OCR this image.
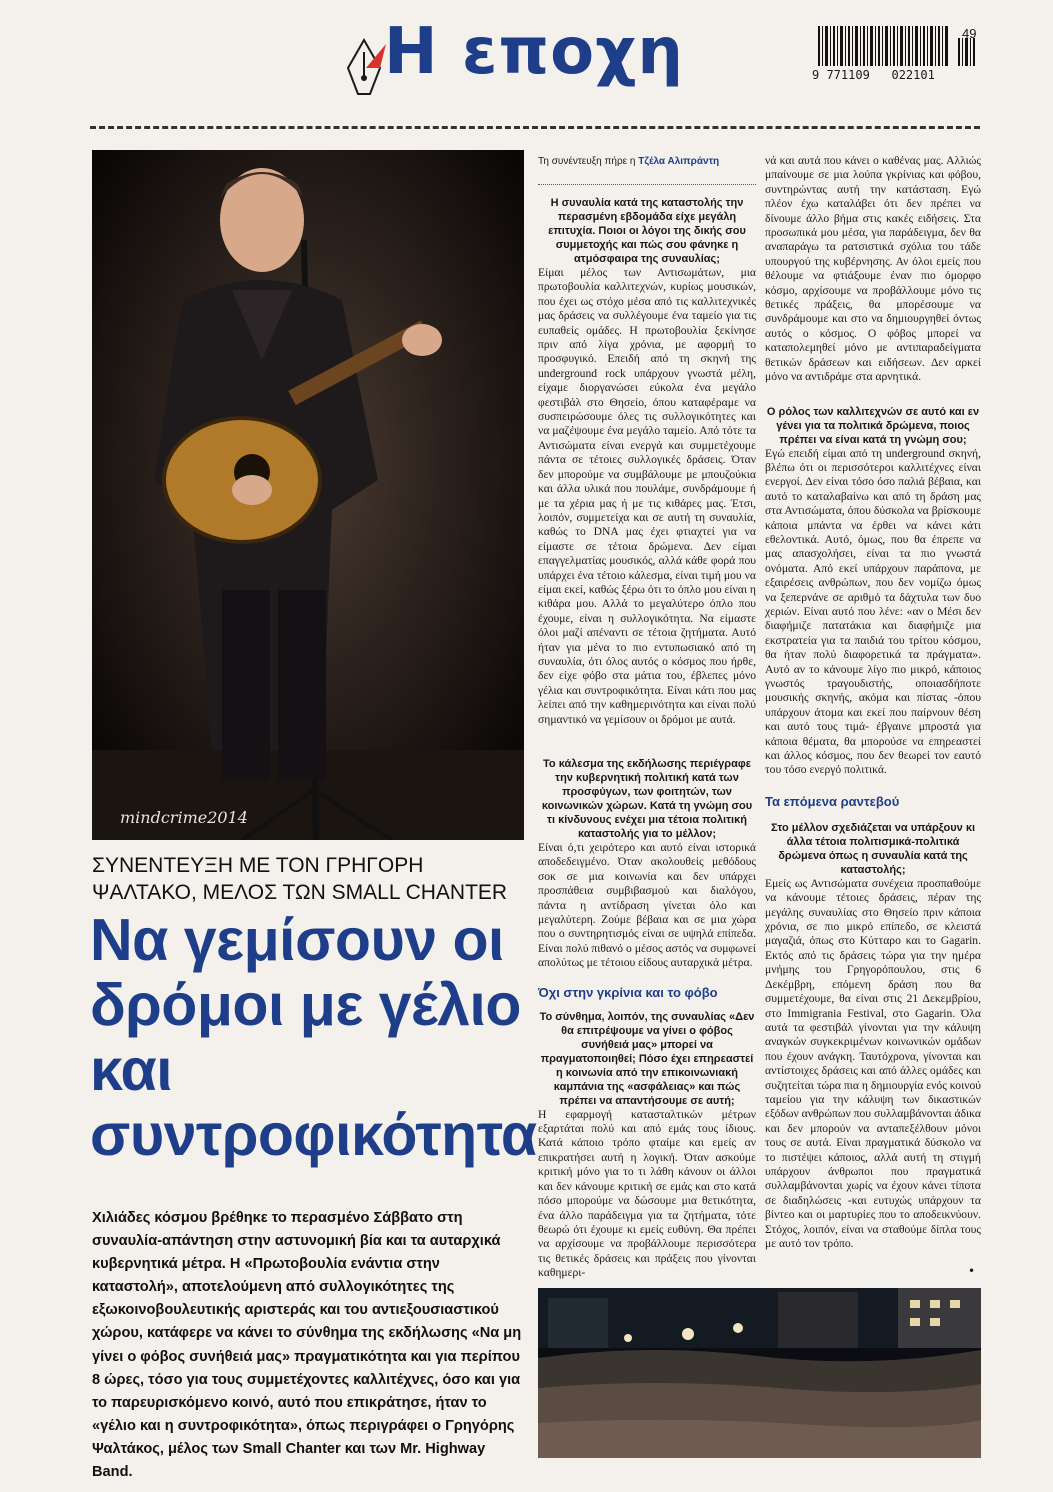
Η εποχη	49
9 771109   022101
mindcrime2014
ΣΥΝΕΝΤΕΥΞΗ ΜΕ ΤΟΝ ΓΡΗΓΟΡΗ ΨΑΛΤΑΚΟ, ΜΕΛΟΣ ΤΩΝ SMALL CHANTER
Να γεμίσουν οι δρόμοι με γέλιο και συντροφικότητα
Χιλιάδες κόσμου βρέθηκε το περασμένο Σάββατο στη συναυλία-απάντηση στην αστυνομική βία και τα αυταρχικά κυβερνητικά μέτρα. Η «Πρωτοβουλία ενάντια στην καταστολή», αποτελούμενη από συλλογικότητες της εξωκοινοβουλευτικής αριστεράς και του αντιεξουσιαστικού χώρου, κατάφερε να κάνει το σύνθημα της εκδήλωσης «Να μη γίνει ο φόβος συνήθειά μας» πραγματικότητα και για περίπου 8 ώρες, τόσο για τους συμμετέχοντες καλλιτέχνες, όσο και για το παρευρισκόμενο κοινό, αυτό που επικράτησε, ήταν το «γέλιο και η συντροφικότητα», όπως περιγράφει ο Γρηγόρης Ψαλτάκος, μέλος των Small Chanter και των Mr. Highway Band.
Τη συνέντευξη πήρε η Τζέλα Αλιπράντη
Η συναυλία κατά της καταστολής την περασμένη εβδομάδα είχε μεγάλη επιτυχία. Ποιοι οι λόγοι της δικής σου συμμετοχής και πώς σου φάνηκε η ατμόσφαιρα της συναυλίας;
Είμαι μέλος των Αντισωμάτων, μια πρωτοβουλία καλλιτεχνών, κυρίως μουσικών, που έχει ως στόχο μέσα από τις καλλιτεχνικές μας δράσεις να συλλέγουμε ένα ταμείο για τις ευπαθείς ομάδες. Η πρωτοβουλία ξεκίνησε πριν από λίγα χρόνια, με αφορμή το προσφυγικό. Επειδή από τη σκηνή της underground rock υπάρχουν γνωστά μέλη, είχαμε διοργανώσει εύκολα ένα μεγάλο φεστιβάλ στο Θησείο, όπου καταφέραμε να συσπειρώσουμε όλες τις συλλογικότητες και να μαζέψουμε ένα μεγάλο ταμείο. Από τότε τα Αντισώματα είναι ενεργά και συμμετέχουμε πάντα σε τέτοιες συλλογικές δράσεις. Όταν δεν μπορούμε να συμβάλουμε με μπουζούκια και άλλα υλικά που πουλάμε, συνδράμουμε ή με τα χέρια μας ή με τις κιθάρες μας. Έτσι, λοιπόν, συμμετείχα και σε αυτή τη συναυλία, καθώς το DNA μας έχει φτιαχτεί για να είμαστε σε τέτοια δρώμενα. Δεν είμαι επαγγελματίας μουσικός, αλλά κάθε φορά που υπάρχει ένα τέτοιο κάλεσμα, είναι τιμή μου να είμαι εκεί, καθώς ξέρω ότι το όπλο μου είναι η κιθάρα μου. Αλλά το μεγαλύτερο όπλο που έχουμε, είναι η συλλογικότητα. Να είμαστε όλοι μαζί απέναντι σε τέτοια ζητήματα. Αυτό ήταν για μένα το πιο εντυπωσιακό από τη συναυλία, ότι όλος αυτός ο κόσμος που ήρθε, δεν είχε φόβο στα μάτια του, έβλεπες μόνο γέλια και συντροφικότητα. Είναι κάτι που μας λείπει από την καθημερινότητα και είναι πολύ σημαντικό να γεμίσουν οι δρόμοι με αυτά.
Το κάλεσμα της εκδήλωσης περιέγραφε την κυβερνητική πολιτική κατά των προσφύγων, των φοιτητών, των κοινωνικών χώρων. Κατά τη γνώμη σου τι κίνδυνους ενέχει μια τέτοια πολιτική καταστολής για το μέλλον;
Είναι ό,τι χειρότερο και αυτό είναι ιστορικά αποδεδειγμένο. Όταν ακολουθείς μεθόδους σοκ σε μια κοινωνία και δεν υπάρχει προσπάθεια συμβιβασμού και διαλόγου, πάντα η αντίδραση γίνεται όλο και μεγαλύτερη. Ζούμε βέβαια και σε μια χώρα που ο συντηρητισμός είναι σε υψηλά επίπεδα. Είναι πολύ πιθανό ο μέσος αστός να συμφωνεί απολύτως με τέτοιου είδους αυταρχικά μέτρα.
Όχι στην γκρίνια και το φόβο
Το σύνθημα, λοιπόν, της συναυλίας «Δεν θα επιτρέψουμε να γίνει ο φόβος συνήθειά μας» μπορεί να πραγματοποιηθεί; Πόσο έχει επηρεαστεί η κοινωνία από την επικοινωνιακή καμπάνια της «ασφάλειας» και πώς πρέπει να απαντήσουμε σε αυτή;
Η εφαρμογή κατασταλτικών μέτρων εξαρτάται πολύ και από εμάς τους ίδιους. Κατά κάποιο τρόπο φταίμε και εμείς αν επικρατήσει αυτή η λογική. Όταν ασκούμε κριτική μόνο για το τι λάθη κάνουν οι άλλοι και δεν κάνουμε κριτική σε εμάς και στο κατά πόσο μπορούμε να δώσουμε μια θετικότητα, ένα άλλο παράδειγμα για τα ζητήματα, τότε θεωρώ ότι έχουμε κι εμείς ευθύνη. Θα πρέπει να αρχίσουμε να προβάλλουμε περισσότερα τις θετικές δράσεις και πράξεις που γίνονται καθημερι-
νά και αυτά που κάνει ο καθένας μας. Αλλιώς μπαίνουμε σε μια λούπα γκρίνιας και φόβου, συντηρώντας αυτή την κατάσταση. Εγώ πλέον έχω καταλάβει ότι δεν πρέπει να δίνουμε άλλο βήμα στις κακές ειδήσεις. Στα προσωπικά μου μέσα, για παράδειγμα, δεν θα αναπαράγω τα ρατσιστικά σχόλια του τάδε υπουργού της κυβέρνησης. Αν όλοι εμείς που θέλουμε να φτιάξουμε έναν πιο όμορφο κόσμο, αρχίσουμε να προβάλλουμε μόνο τις θετικές πράξεις, θα μπορέσουμε να συνδράμουμε και στο να δημιουργηθεί όντως αυτός ο κόσμος. Ο φόβος μπορεί να καταπολεμηθεί μόνο με αντιπαραδείγματα θετικών δράσεων και ειδήσεων. Δεν αρκεί μόνο να αντιδράμε στα αρνητικά.
Ο ρόλος των καλλιτεχνών σε αυτό και εν γένει για τα πολιτικά δρώμενα, ποιος πρέπει να είναι κατά τη γνώμη σου;
Εγώ επειδή είμαι από τη underground σκηνή, βλέπω ότι οι περισσότεροι καλλιτέχνες είναι ενεργοί. Δεν είναι τόσο όσο παλιά βέβαια, και αυτό το καταλαβαίνω και από τη δράση μας στα Αντισώματα, όπου δύσκολα να βρίσκουμε κάποια μπάντα να έρθει να κάνει κάτι εθελοντικά. Αυτό, όμως, που θα έπρεπε να μας απασχολήσει, είναι τα πιο γνωστά ονόματα. Από εκεί υπάρχουν παράπονα, με εξαιρέσεις ανθρώπων, που δεν νομίζω όμως να ξεπερνάνε σε αριθμό τα δάχτυλα των δυο χεριών. Είναι αυτό που λένε: «αν ο Μέσι δεν διαφήμιζε πατατάκια και διαφήμιζε μια εκστρατεία για τα παιδιά του τρίτου κόσμου, θα ήταν πολύ διαφορετικά τα πράγματα». Αυτό αν το κάνουμε λίγο πιο μικρό, κάποιος γνωστός τραγουδιστής, οποιασδήποτε μουσικής σκηνής, ακόμα και πίστας -όπου υπάρχουν άτομα και εκεί που παίρνουν θέση και αυτό τους τιμά- έβγαινε μπροστά για κάποια θέματα, θα μπορούσε να επηρεαστεί και άλλος κόσμος, που δεν θεωρεί τον εαυτό του τόσο ενεργό πολιτικά.
Τα επόμενα ραντεβού
Στο μέλλον σχεδιάζεται να υπάρξουν κι άλλα τέτοια πολιτισμικά-πολιτικά δρώμενα όπως η συναυλία κατά της καταστολής;
Εμείς ως Αντισώματα συνέχεια προσπαθούμε να κάνουμε τέτοιες δράσεις, πέραν της μεγάλης συναυλίας στο Θησείο πριν κάποια χρόνια, σε πιο μικρό επίπεδο, σε κλειστά μαγαζιά, όπως στο Κύτταρο και το Gagarin. Εκτός από τις δράσεις τώρα για την ημέρα μνήμης του Γρηγορόπουλου, στις 6 Δεκέμβρη, επόμενη δράση που θα συμμετέχουμε, θα είναι στις 21 Δεκεμβρίου, στο Immigrania Festival, στο Gagarin. Όλα αυτά τα φεστιβάλ γίνονται για την κάλυψη αναγκών συγκεκριμένων κοινωνικών ομάδων που έχουν ανάγκη. Ταυτόχρονα, γίνονται και αντίστοιχες δράσεις και από άλλες ομάδες και συζητείται τώρα πια η δημιουργία ενός κοινού ταμείου για την κάλυψη των δικαστικών εξόδων ανθρώπων που συλλαμβάνονται άδικα και δεν μπορούν να ανταπεξέλθουν μόνοι τους σε αυτά. Είναι πραγματικά δύσκολο να το πιστέψει κάποιος, αλλά αυτή τη στιγμή υπάρχουν άνθρωποι που πραγματικά συλλαμβάνονται χωρίς να έχουν κάνει τίποτα σε διαδηλώσεις -και ευτυχώς υπάρχουν τα βίντεο και οι μαρτυρίες που το αποδεικνύουν. Στόχος, λοιπόν, είναι να σταθούμε δίπλα τους με αυτό τον τρόπο.
•
